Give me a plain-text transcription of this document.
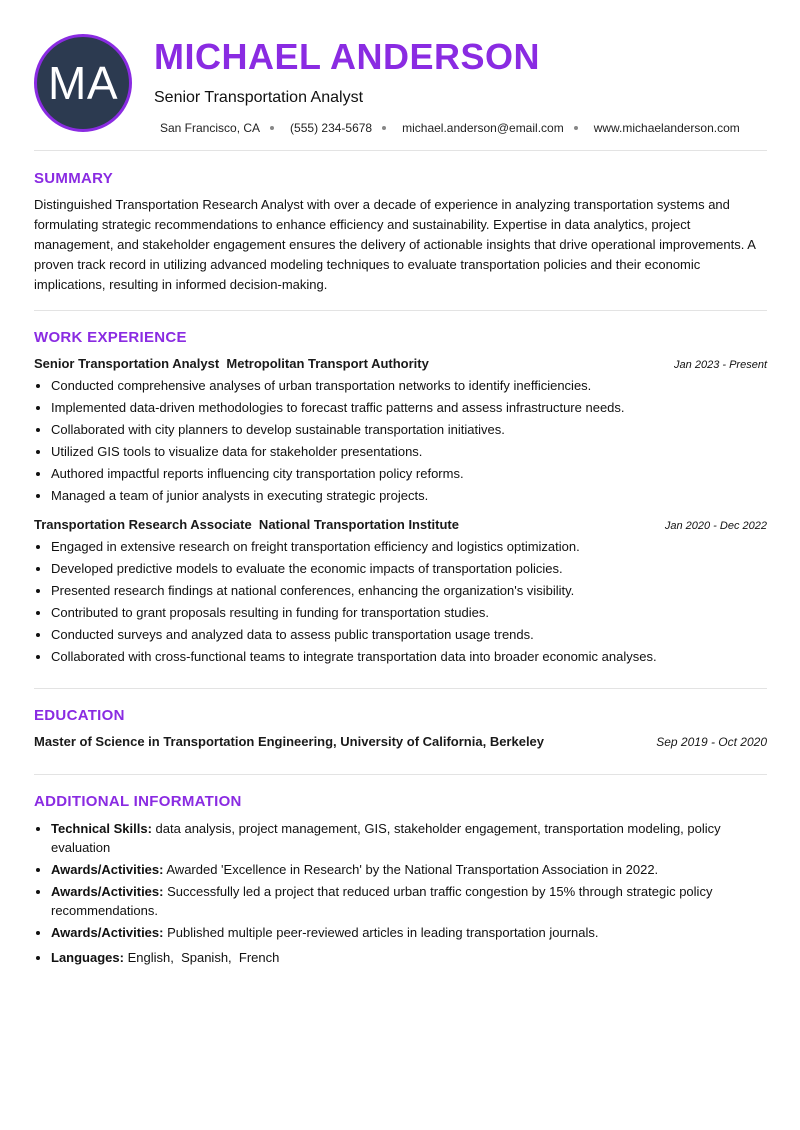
MA
MICHAEL ANDERSON
Senior Transportation Analyst
San Francisco, CA	(555) 234-5678	michael.anderson@email.com	www.michaelanderson.com
SUMMARY

Distinguished Transportation Research Analyst with over a decade of experience in analyzing transportation systems and formulating strategic recommendations to enhance efficiency and sustainability. Expertise in data analytics, project management, and stakeholder engagement ensures the delivery of actionable insights that drive operational improvements. A proven track record in utilizing advanced modeling techniques to evaluate transportation policies and their economic implications, resulting in informed decision-making.

WORK EXPERIENCE
Senior Transportation Analyst  Metropolitan Transport Authority	Jan 2023 - Present
• Conducted comprehensive analyses of urban transportation networks to identify inefficiencies.
• Implemented data-driven methodologies to forecast traffic patterns and assess infrastructure needs.
• Collaborated with city planners to develop sustainable transportation initiatives.
• Utilized GIS tools to visualize data for stakeholder presentations.
• Authored impactful reports influencing city transportation policy reforms.
• Managed a team of junior analysts in executing strategic projects.
Transportation Research Associate  National Transportation Institute	Jan 2020 - Dec 2022
• Engaged in extensive research on freight transportation efficiency and logistics optimization.
• Developed predictive models to evaluate the economic impacts of transportation policies.
• Presented research findings at national conferences, enhancing the organization's visibility.
• Contributed to grant proposals resulting in funding for transportation studies.
• Conducted surveys and analyzed data to assess public transportation usage trends.
• Collaborated with cross-functional teams to integrate transportation data into broader economic analyses.
EDUCATION
Master of Science in Transportation Engineering, University of California, Berkeley	Sep 2019 - Oct 2020
ADDITIONAL INFORMATION
• Technical Skills: data analysis, project management, GIS, stakeholder engagement, transportation modeling, policy evaluation
• Awards/Activities: Awarded 'Excellence in Research' by the National Transportation Association in 2022.
• Awards/Activities: Successfully led a project that reduced urban traffic congestion by 15% through strategic policy recommendations.
• Awards/Activities: Published multiple peer-reviewed articles in leading transportation journals.
• Languages: English,  Spanish,  French
